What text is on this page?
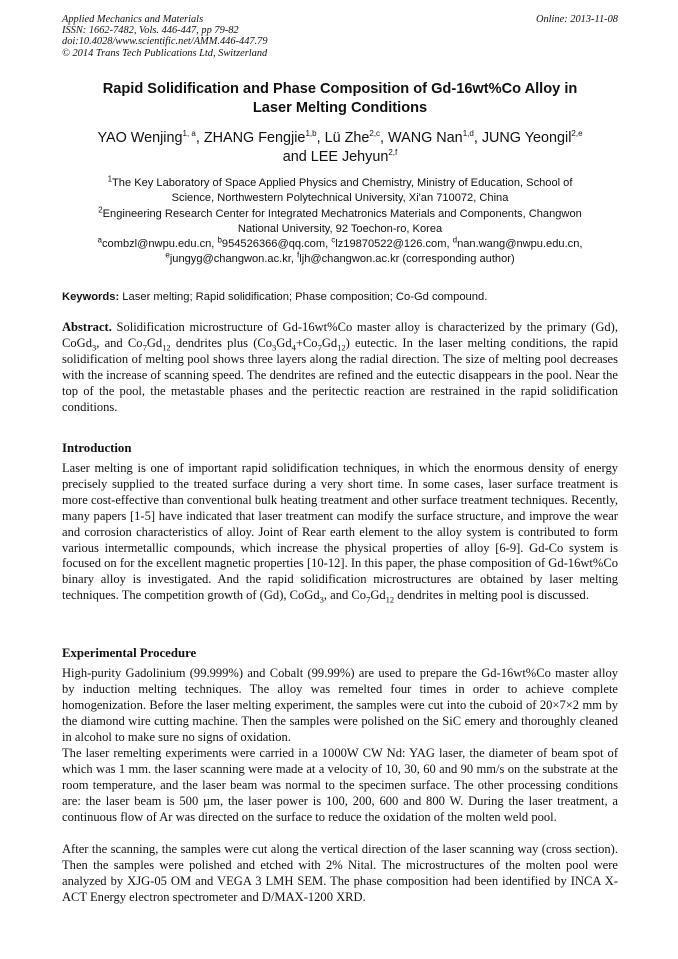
Applied Mechanics and Materials
ISSN: 1662-7482, Vols. 446-447, pp 79-82
doi:10.4028/www.scientific.net/AMM.446-447.79
© 2014 Trans Tech Publications Ltd, Switzerland
Online: 2013-11-08
Rapid Solidification and Phase Composition of Gd-16wt%Co Alloy in
Laser Melting Conditions
YAO Wenjing$^{1, a}$, ZHANG Fengjie$^{1,b}$, Lü Zhe$^{2,c}$, WANG Nan$^{1,d}$, JUNG Yeongil$^{2,e}$
and LEE Jehyun$^{2,f}$
$^1$The Key Laboratory of Space Applied Physics and Chemistry, Ministry of Education, School of
Science, Northwestern Polytechnical University, Xi'an 710072, China
$^2$Engineering Research Center for Integrated Mechatronics Materials and Components, Changwon
National University, 92 Toechon-ro, Korea
$^a$combzl@nwpu.edu.cn, $^b$954526366@qq.com, $^c$lz19870522@126.com, $^d$nan.wang@nwpu.edu.cn,
$^e$jungyg@changwon.ac.kr, $^f$ljh@changwon.ac.kr (corresponding author)
Keywords: Laser melting; Rapid solidification; Phase composition; Co-Gd compound.
Abstract. Solidification microstructure of Gd-16wt%Co master alloy is characterized by the primary (Gd), CoGd$_3$, and $Co_7Gd_{12}$ dendrites plus $(Co_3Gd_4+Co_7Gd_{12})$ eutectic. In the laser melting conditions, the rapid solidification of melting pool shows three layers along the radial direction. The size of melting pool decreases with the increase of scanning speed. The dendrites are refined and the eutectic disappears in the pool. Near the top of the pool, the metastable phases and the peritectic reaction are restrained in the rapid solidification conditions.
Introduction
Laser melting is one of important rapid solidification techniques, in which the enormous density of energy precisely supplied to the treated surface during a very short time. In some cases, laser surface treatment is more cost-effective than conventional bulk heating treatment and other surface treatment techniques. Recently, many papers [1-5] have indicated that laser treatment can modify the surface structure, and improve the wear and corrosion characteristics of alloy. Joint of Rear earth element to the alloy system is contributed to form various intermetallic compounds, which increase the physical properties of alloy [6-9]. Gd-Co system is focused on for the excellent magnetic properties [10-12]. In this paper, the phase composition of Gd-16wt%Co binary alloy is investigated. And the rapid solidification microstructures are obtained by laser melting techniques. The competition growth of (Gd), CoGd$_3$, and $Co_7Gd_{12}$ dendrites in melting pool is discussed.
Experimental Procedure
High-purity Gadolinium (99.999%) and Cobalt (99.99%) are used to prepare the Gd-16wt%Co master alloy by induction melting techniques. The alloy was remelted four times in order to achieve complete homogenization. Before the laser melting experiment, the samples were cut into the cuboid of 20×7×2 mm by the diamond wire cutting machine. Then the samples were polished on the SiC emery and thoroughly cleaned in alcohol to make sure no signs of oxidation.
The laser remelting experiments were carried in a 1000W CW Nd: YAG laser, the diameter of beam spot of which was 1 mm. the laser scanning were made at a velocity of 10, 30, 60 and 90 mm/s on the substrate at the room temperature, and the laser beam was normal to the specimen surface. The other processing conditions are: the laser beam is 500 µm, the laser power is 100, 200, 600 and 800 W. During the laser treatment, a continuous flow of Ar was directed on the surface to reduce the oxidation of the molten weld pool.
After the scanning, the samples were cut along the vertical direction of the laser scanning way (cross section). Then the samples were polished and etched with 2% Nital. The microstructures of the molten pool were analyzed by XJG-05 OM and VEGA 3 LMH SEM. The phase composition had been identified by INCA X-ACT Energy electron spectrometer and D/MAX-1200 XRD.
